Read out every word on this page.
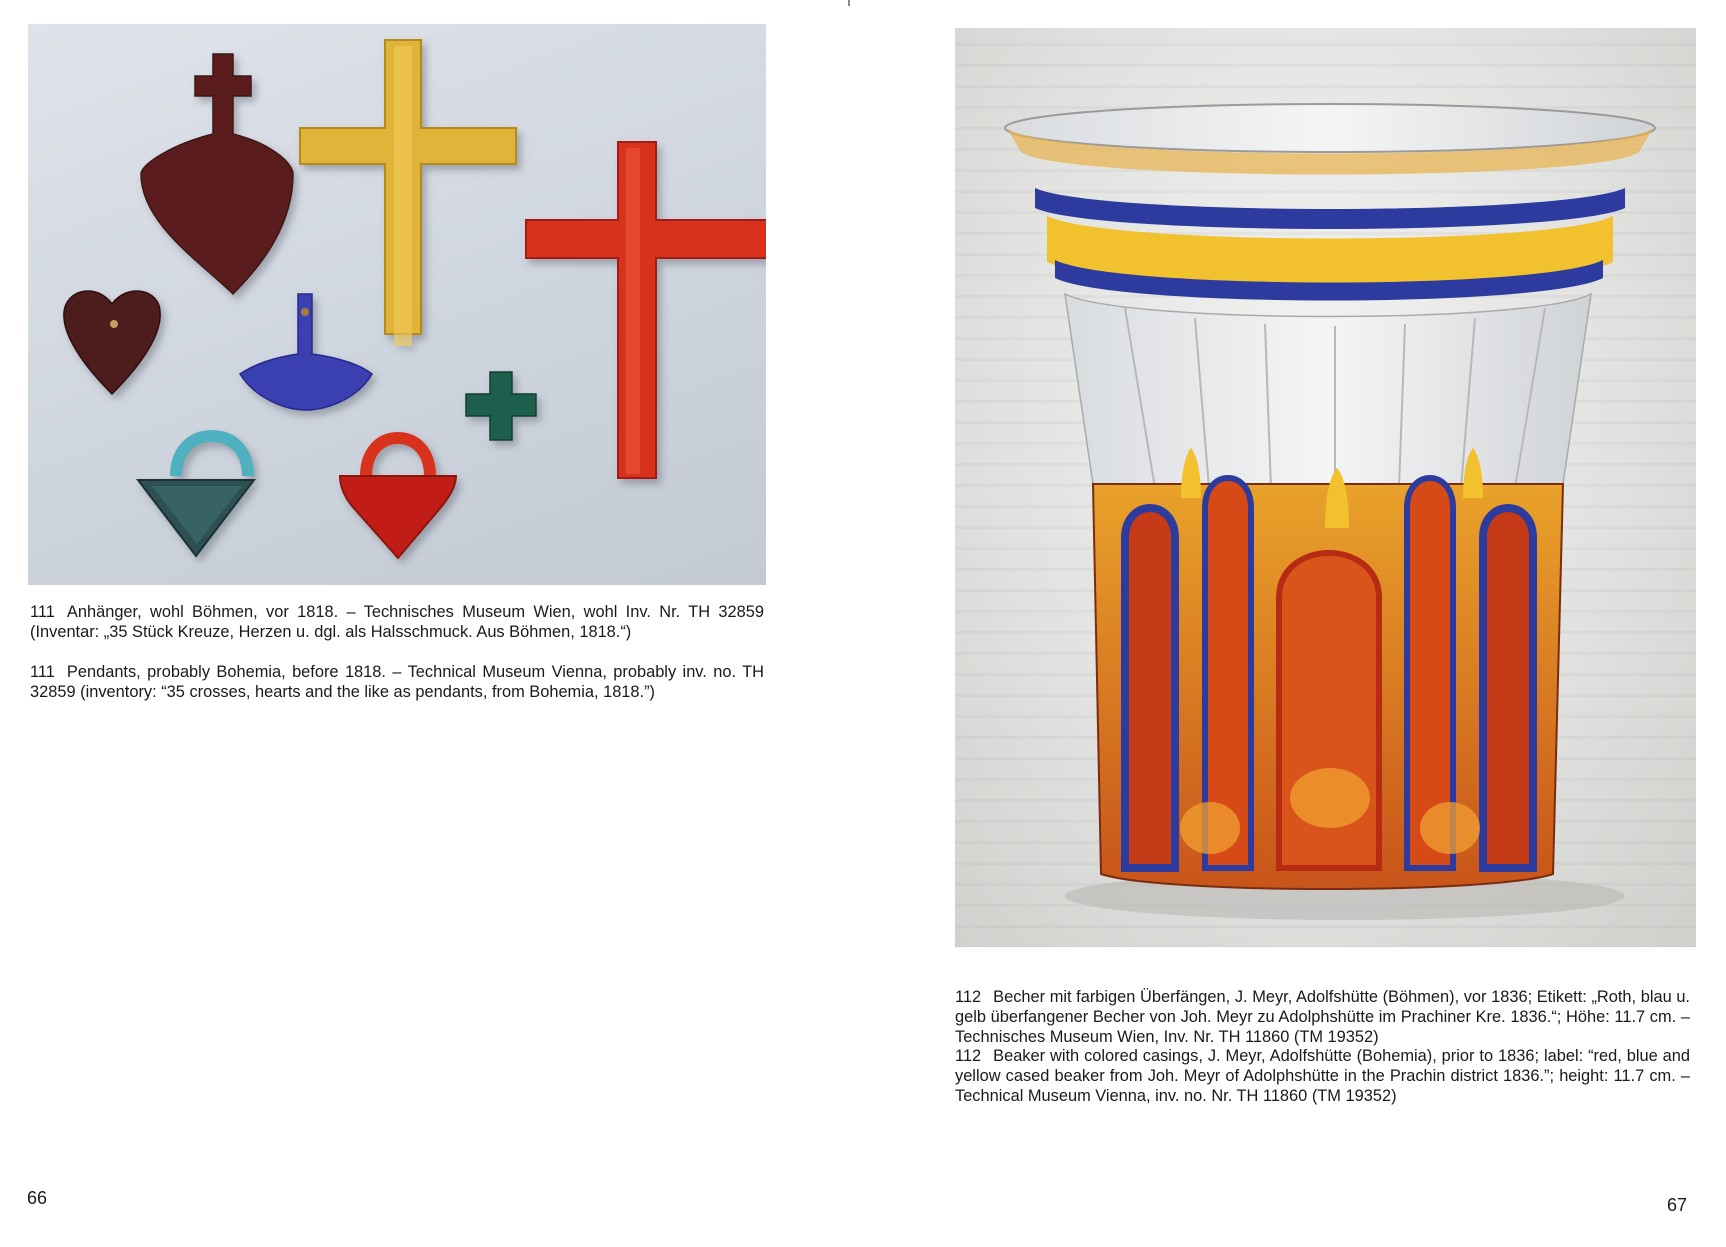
111 Anhänger, wohl Böhmen, vor 1818. – Technisches Museum Wien, wohl Inv. Nr. TH 32859 (Inventar: „35 Stück Kreuze, Herzen u. dgl. als Halsschmuck. Aus Böhmen, 1818.“)
111 Pendants, probably Bohemia, before 1818. – Technical Museum Vienna, probably inv. no. TH 32859 (inventory: “35 crosses, hearts and the like as pendants, from Bohemia, 1818.”)
66
112 Becher mit farbigen Überfängen, J. Meyr, Adolfshütte (Böhmen), vor 1836; Etikett: „Roth, blau u. gelb überfangener Becher von Joh. Meyr zu Adolphshütte im Prachiner Kre. 1836.“; Höhe: 11.7 cm. – Technisches Museum Wien, Inv. Nr. TH 11860 (TM 19352)
112 Beaker with colored casings, J. Meyr, Adolfshütte (Bohemia), prior to 1836; label: “red, blue and yellow cased beaker from Joh. Meyr of Adolphshütte in the Prachin district 1836.”; height: 11.7 cm. – Technical Museum Vienna, inv. no. Nr. TH 11860 (TM 19352)
67
